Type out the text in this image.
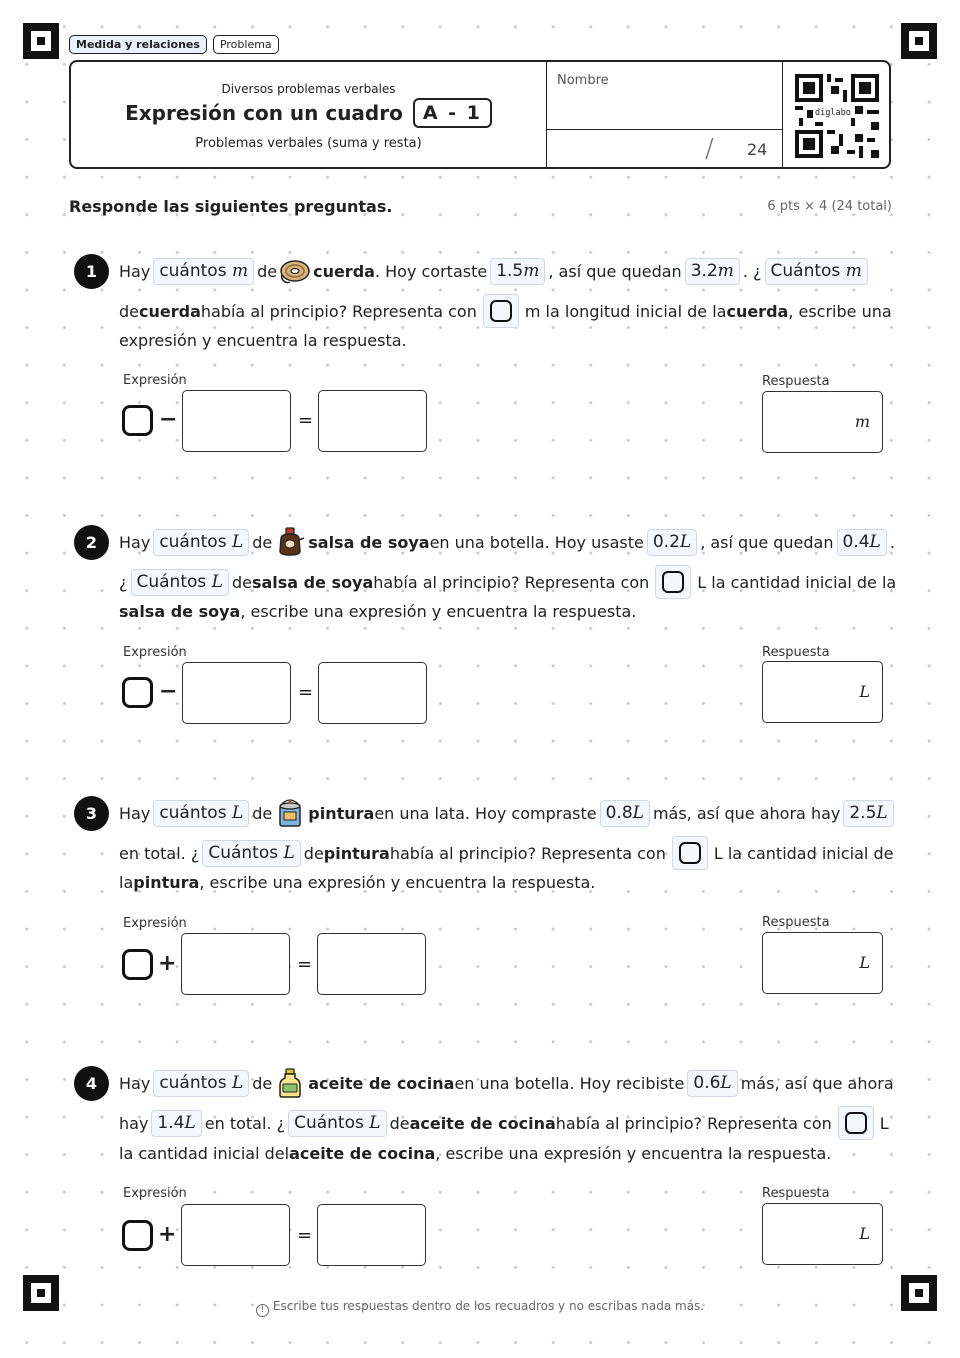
Medida y relaciones	Problema
Diversos problemas verbales
Expresión con un cuadro	A - 1
Problemas verbales (suma y resta)
Nombre
/ 24
diglabo
Responde las siguientes preguntas.	6 pts × 4 (24 total)
1	Hay cuántos m de cuerda . Hoy cortaste 1.5m , así que quedan 3.2m . ¿ Cuántos m
de cuerda había al principio? Representa con	m la longitud inicial de la cuerda , escribe una
expresión y encuentra la respuesta.
Expresión	Respuesta
−	=	m
2	Hay cuántos L de salsa de soya en una botella. Hoy usaste 0.2L , así que quedan 0.4L .
¿ Cuántos L de salsa de soya había al principio? Representa con	L la cantidad inicial de la
salsa de soya , escribe una expresión y encuentra la respuesta.
Expresión	Respuesta
−	=	L
3	Hay cuántos L de pintura en una lata. Hoy compraste 0.8L más, así que ahora hay 2.5L
en total. ¿ Cuántos L de pintura había al principio? Representa con	L la cantidad inicial de
la pintura , escribe una expresión y encuentra la respuesta.
Expresión	Respuesta
+	=	L
4	Hay cuántos L de aceite de cocina en una botella. Hoy recibiste 0.6L más, así que ahora
hay 1.4L en total. ¿ Cuántos L de aceite de cocina había al principio? Representa con	L
la cantidad inicial del aceite de cocina , escribe una expresión y encuentra la respuesta.
Expresión	Respuesta
+	=	L
! Escribe tus respuestas dentro de los recuadros y no escribas nada más.
